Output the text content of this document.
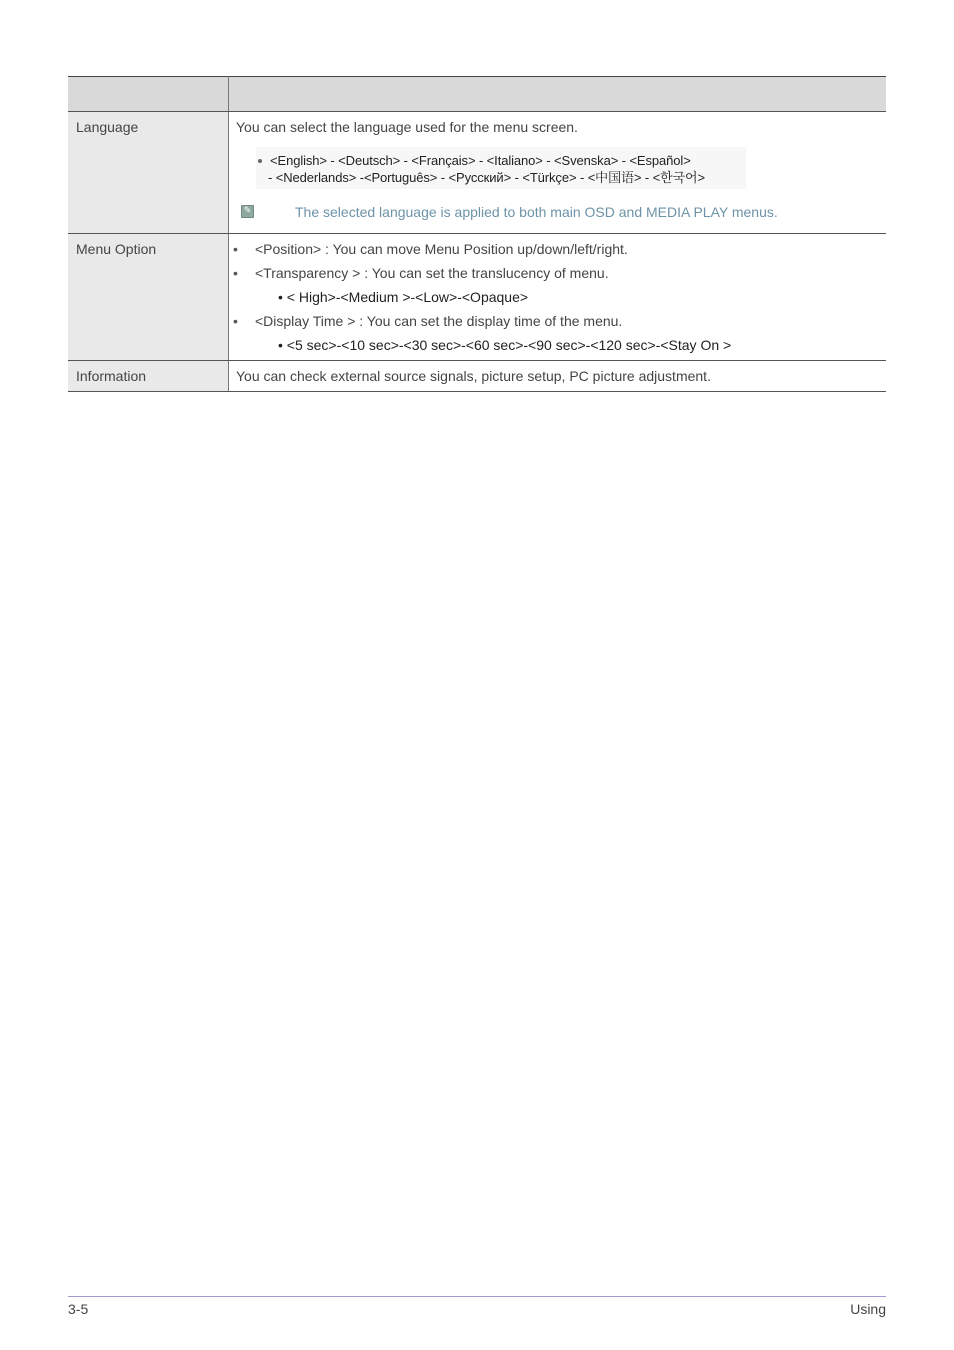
Language	You can select the language used for the menu screen.
<English> - <Deutsch> - <Français> - <Italiano> - <Svenska> - <Español>
- <Nederlands> -<Português> - <Русский> - <Türkçe> - <中国语> - <한국어>
✎ The selected language is applied to both main OSD and MEDIA PLAY menus.

Menu Option	• <Position> : You can move Menu Position up/down/left/right.
• <Transparency > : You can set the translucency of menu.
• < High>-<Medium >-<Low>-<Opaque>
• <Display Time > : You can set the display time of the menu.
• <5 sec>-<10 sec>-<30 sec>-<60 sec>-<90 sec>-<120 sec>-<Stay On >

Information	You can check external source signals, picture setup, PC picture adjustment.
3-5	Using
